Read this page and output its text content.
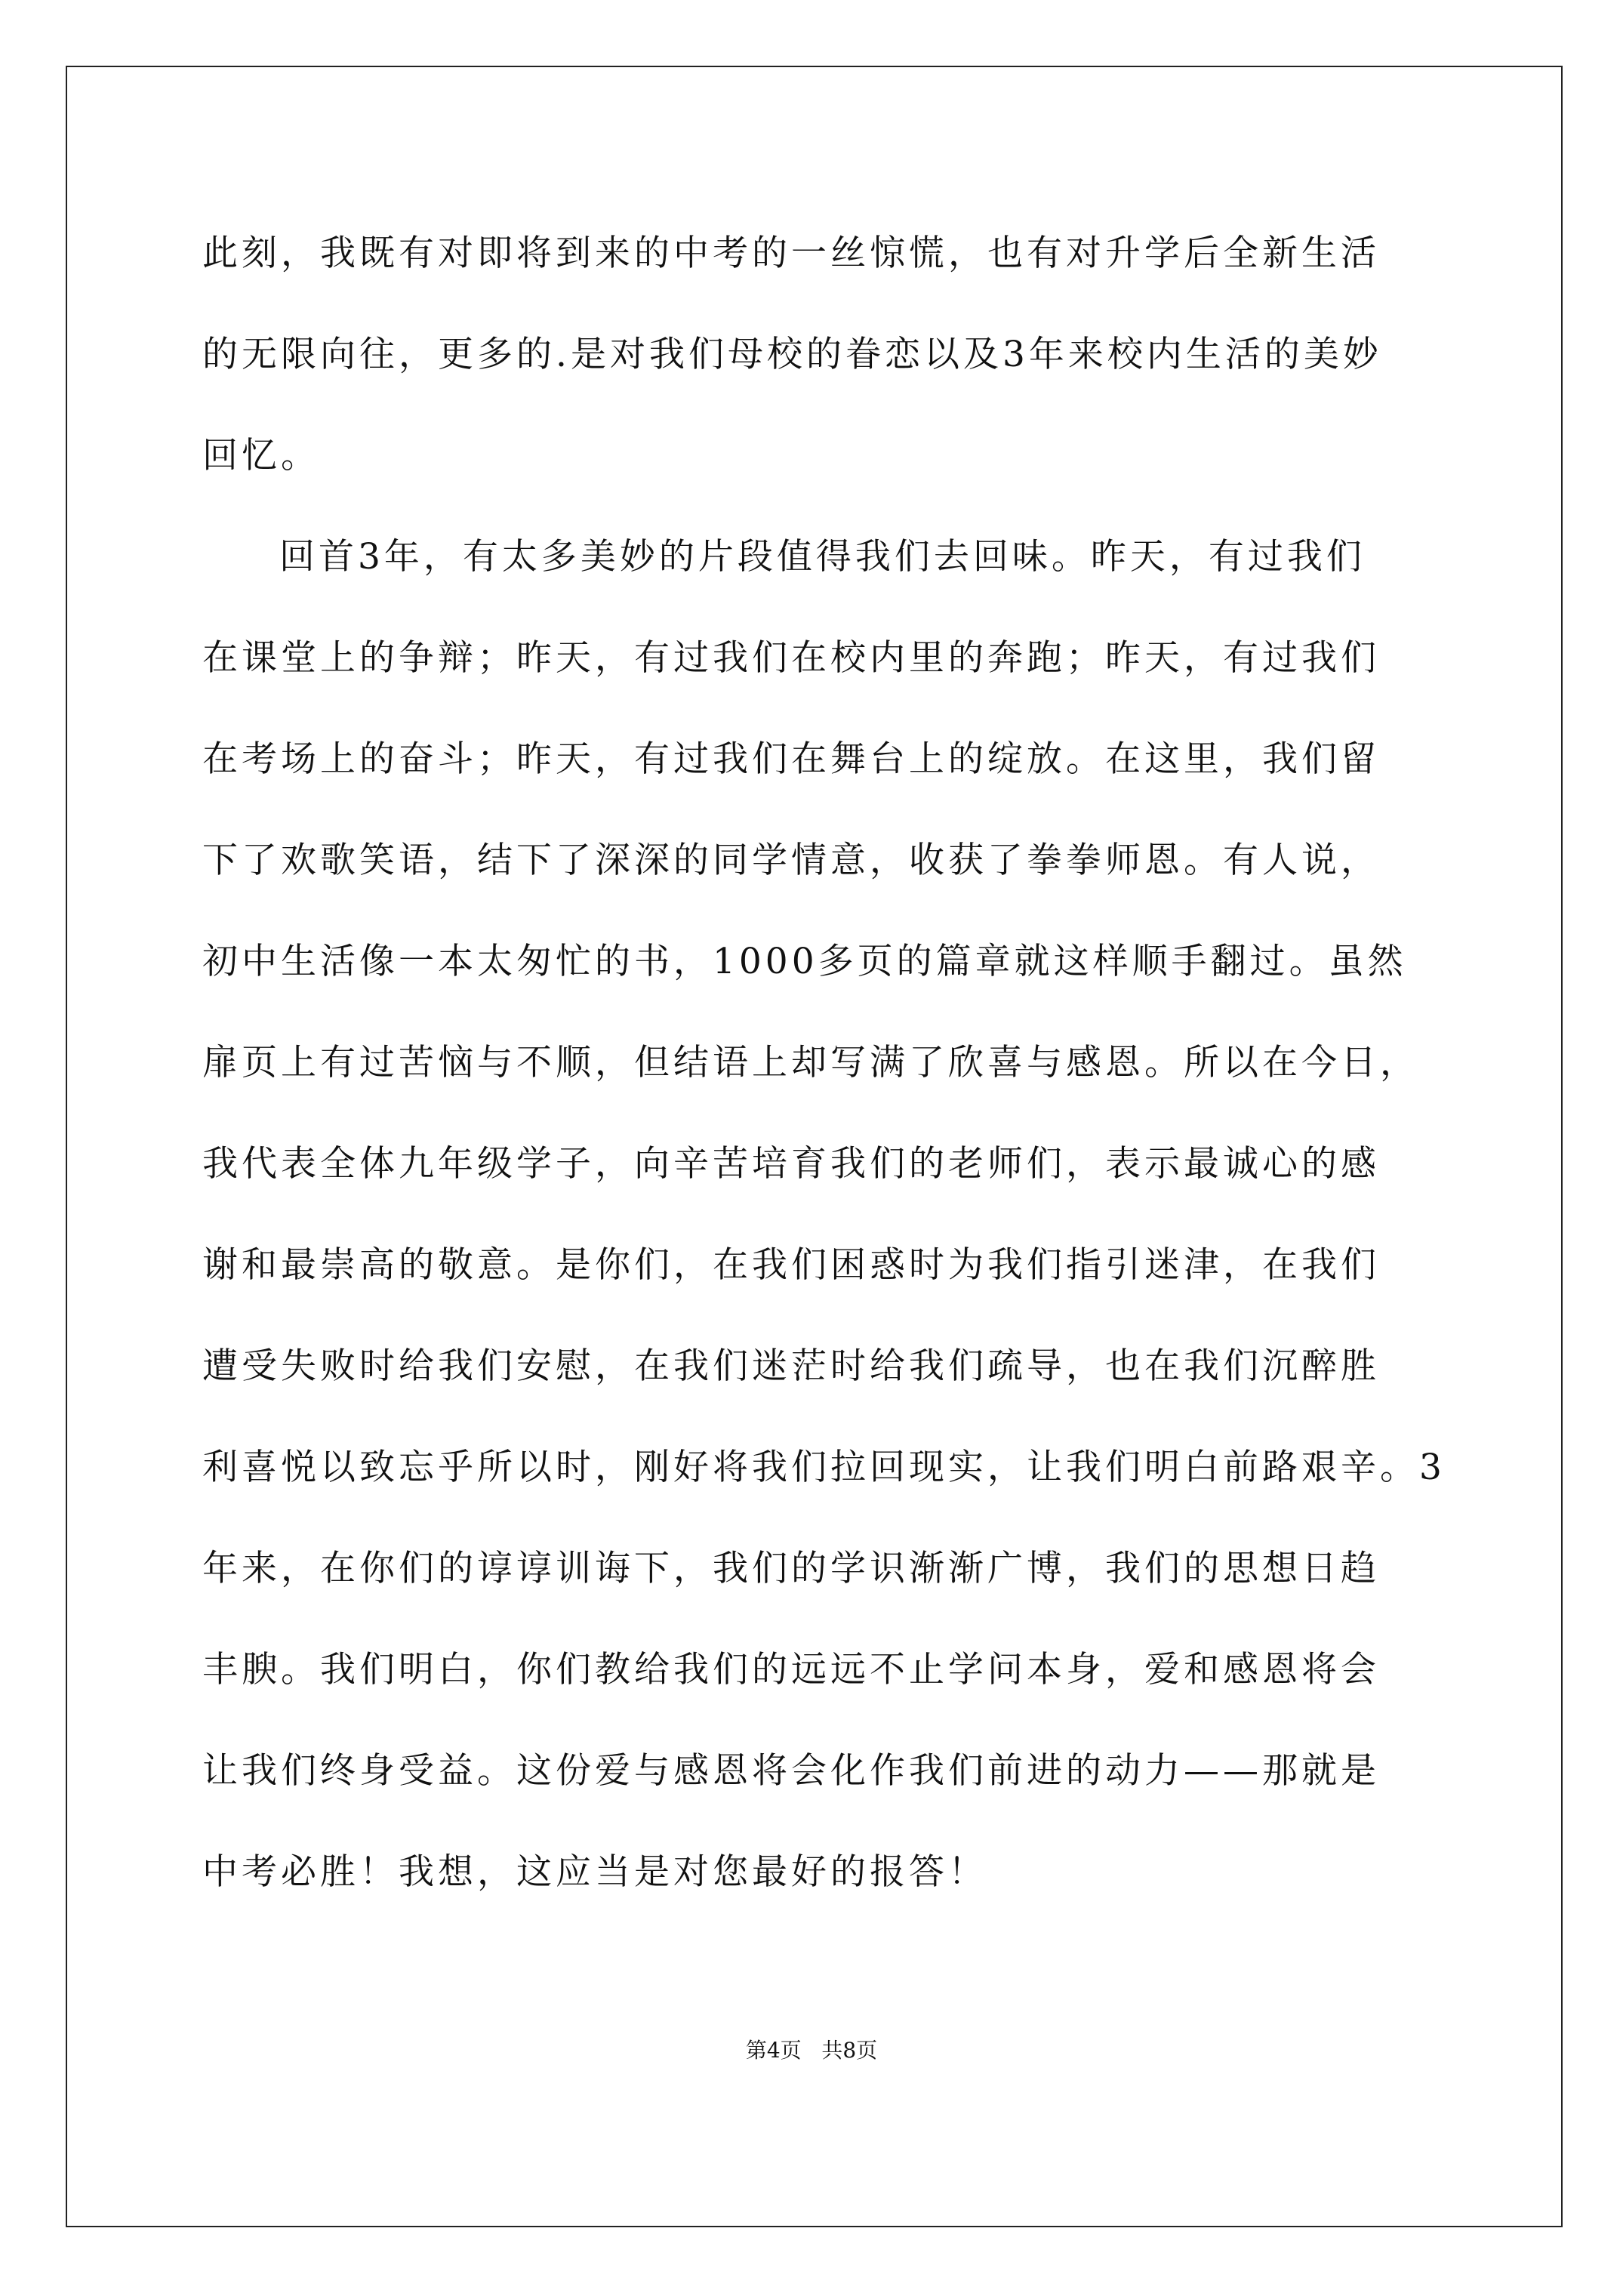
此刻，我既有对即将到来的中考的一丝惊慌，也有对升学后全新生活
的无限向往，更多的.是对我们母校的眷恋以及3年来校内生活的美妙
回忆。
回首3年，有太多美妙的片段值得我们去回味。昨天，有过我们
在课堂上的争辩；昨天，有过我们在校内里的奔跑；昨天，有过我们
在考场上的奋斗；昨天，有过我们在舞台上的绽放。在这里，我们留
下了欢歌笑语，结下了深深的同学情意，收获了拳拳师恩。有人说，
初中生活像一本太匆忙的书，1000多页的篇章就这样顺手翻过。虽然
扉页上有过苦恼与不顺，但结语上却写满了欣喜与感恩。所以在今日，
我代表全体九年级学子，向辛苦培育我们的老师们，表示最诚心的感
谢和最崇高的敬意。是你们，在我们困惑时为我们指引迷津，在我们
遭受失败时给我们安慰，在我们迷茫时给我们疏导，也在我们沉醉胜
利喜悦以致忘乎所以时，刚好将我们拉回现实，让我们明白前路艰辛。3
年来，在你们的谆谆训诲下，我们的学识渐渐广博，我们的思想日趋
丰腴。我们明白，你们教给我们的远远不止学问本身，爱和感恩将会
让我们终身受益。这份爱与感恩将会化作我们前进的动力——那就是
中考必胜！我想，这应当是对您最好的报答！
第4页   共8页
